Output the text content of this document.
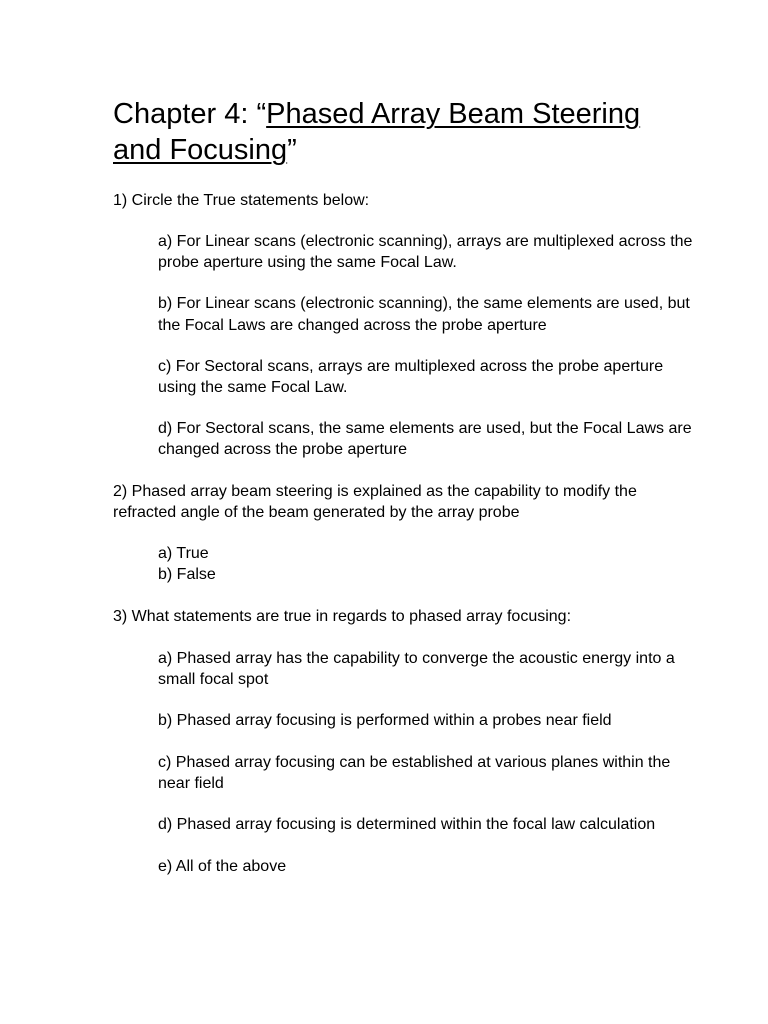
Chapter 4: “Phased Array Beam Steering
and Focusing”

1) Circle the True statements below:

a) For Linear scans (electronic scanning), arrays are multiplexed across the

probe aperture using the same Focal Law.

b) For Linear scans (electronic scanning), the same elements are used, but

the Focal Laws are changed across the probe aperture

c) For Sectoral scans, arrays are multiplexed across the probe aperture

using the same Focal Law.

d) For Sectoral scans, the same elements are used, but the Focal Laws are

changed across the probe aperture

2) Phased array beam steering is explained as the capability to modify the

refracted angle of the beam generated by the array probe

a) True

b) False

3) What statements are true in regards to phased array focusing:

a) Phased array has the capability to converge the acoustic energy into a

small focal spot

b) Phased array focusing is performed within a probes near field

c) Phased array focusing can be established at various planes within the

near field

d) Phased array focusing is determined within the focal law calculation

e) All of the above
